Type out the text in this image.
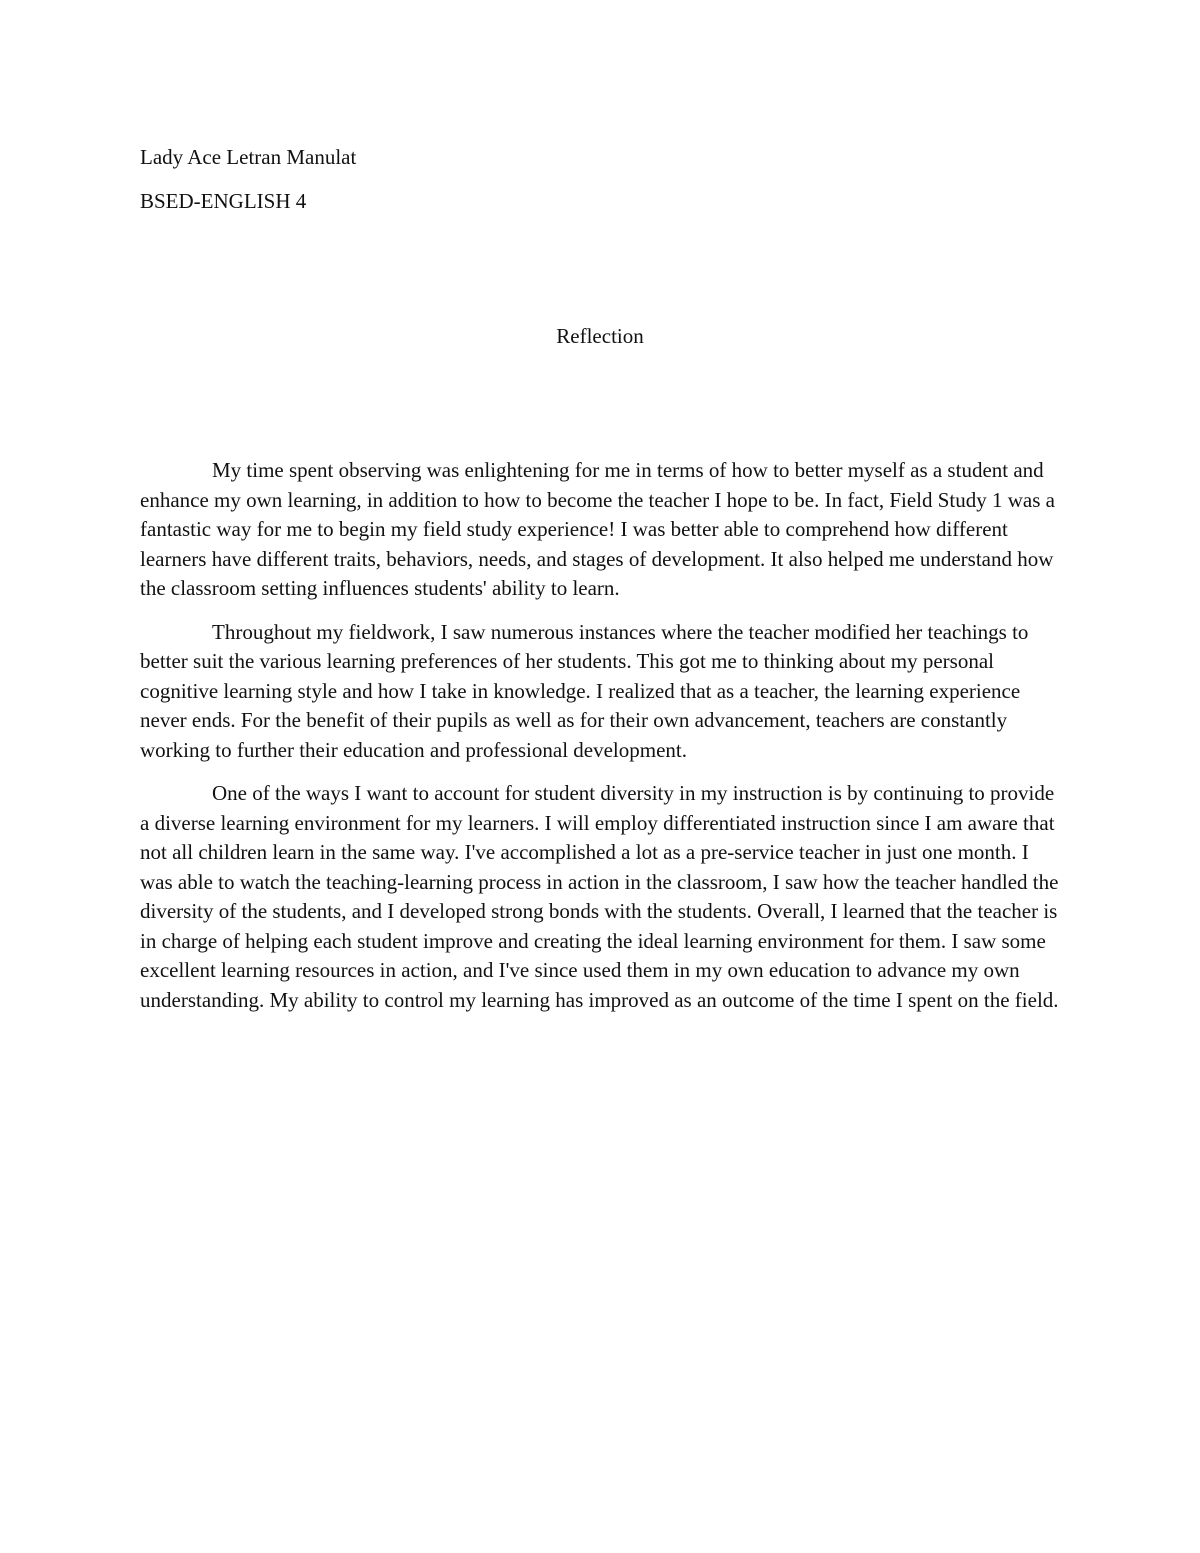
Lady Ace Letran Manulat
BSED-ENGLISH 4
Reflection

My time spent observing was enlightening for me in terms of how to better myself as a student and enhance my own learning, in addition to how to become the teacher I hope to be. In fact, Field Study 1 was a fantastic way for me to begin my field study experience! I was better able to comprehend how different learners have different traits, behaviors, needs, and stages of development. It also helped me understand how the classroom setting influences students' ability to learn.

Throughout my fieldwork, I saw numerous instances where the teacher modified her teachings to better suit the various learning preferences of her students. This got me to thinking about my personal cognitive learning style and how I take in knowledge. I realized that as a teacher, the learning experience never ends. For the benefit of their pupils as well as for their own advancement, teachers are constantly working to further their education and professional development.

One of the ways I want to account for student diversity in my instruction is by continuing to provide a diverse learning environment for my learners. I will employ differentiated instruction since I am aware that not all children learn in the same way. I've accomplished a lot as a pre-service teacher in just one month. I was able to watch the teaching-learning process in action in the classroom, I saw how the teacher handled the diversity of the students, and I developed strong bonds with the students. Overall, I learned that the teacher is in charge of helping each student improve and creating the ideal learning environment for them. I saw some excellent learning resources in action, and I've since used them in my own education to advance my own understanding. My ability to control my learning has improved as an outcome of the time I spent on the field.
